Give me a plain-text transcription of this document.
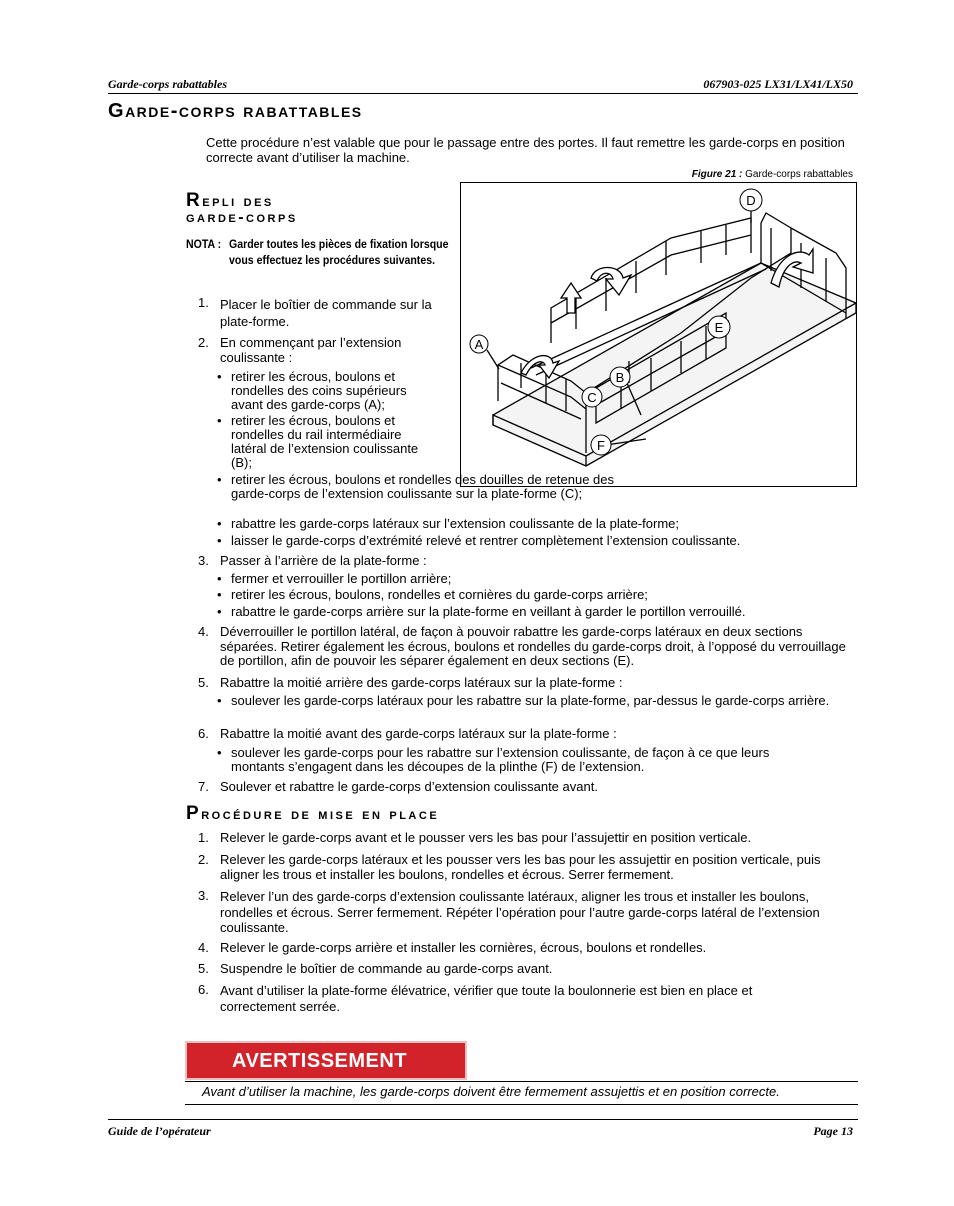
Garde-corps rabattables	067903-025 LX31/LX41/LX50
Garde-corps rabattables
Cette procédure n’est valable que pour le passage entre des portes. Il faut remettre les garde-corps en position correcte avant d’utiliser la machine.
Figure 21 : Garde-corps rabattables
A
B
C
D
E
F
Repli des
garde-corps
NOTA : Garder toutes les pièces de fixation lorsque vous effectuez les procédures suivantes.
1. Placer le boîtier de commande sur la plate-forme.
2. En commençant par l’extension coulissante :
• retirer les écrous, boulons et rondelles des coins supérieurs avant des garde-corps (A);
• retirer les écrous, boulons et rondelles du rail intermédiaire latéral de l’extension coulissante (B);
• retirer les écrous, boulons et rondelles des douilles de retenue des garde-corps de l’extension coulissante sur la plate-forme (C);
• rabattre les garde-corps latéraux sur l’extension coulissante de la plate-forme;
• laisser le garde-corps d’extrémité relevé et rentrer complètement l’extension coulissante.
3. Passer à l’arrière de la plate-forme :
• fermer et verrouiller le portillon arrière;
• retirer les écrous, boulons, rondelles et cornières du garde-corps arrière;
• rabattre le garde-corps arrière sur la plate-forme en veillant à garder le portillon verrouillé.
4. Déverrouiller le portillon latéral, de façon à pouvoir rabattre les garde-corps latéraux en deux sections séparées. Retirer également les écrous, boulons et rondelles du garde-corps droit, à l’opposé du verrouillage de portillon, afin de pouvoir les séparer également en deux sections (E).
5. Rabattre la moitié arrière des garde-corps latéraux sur la plate-forme :
• soulever les garde-corps latéraux pour les rabattre sur la plate-forme, par-dessus le garde-corps arrière.
6. Rabattre la moitié avant des garde-corps latéraux sur la plate-forme :
• soulever les garde-corps pour les rabattre sur l’extension coulissante, de façon à ce que leurs montants s’engagent dans les découpes de la plinthe (F) de l’extension.
7. Soulever et rabattre le garde-corps d’extension coulissante avant.
Procédure de mise en place
1. Relever le garde-corps avant et le pousser vers les bas pour l’assujettir en position verticale.
2. Relever les garde-corps latéraux et les pousser vers les bas pour les assujettir en position verticale, puis aligner les trous et installer les boulons, rondelles et écrous. Serrer fermement.
3. Relever l’un des garde-corps d’extension coulissante latéraux, aligner les trous et installer les boulons, rondelles et écrous. Serrer fermement. Répéter l’opération pour l’autre garde-corps latéral de l’extension coulissante.
4. Relever le garde-corps arrière et installer les cornières, écrous, boulons et rondelles.
5. Suspendre le boîtier de commande au garde-corps avant.
6. Avant d’utiliser la plate-forme élévatrice, vérifier que toute la boulonnerie est bien en place et correctement serrée.
AVERTISSEMENT
Avant d’utiliser la machine, les garde-corps doivent être fermement assujettis et en position correcte.
Guide de l’opérateur	Page 13
